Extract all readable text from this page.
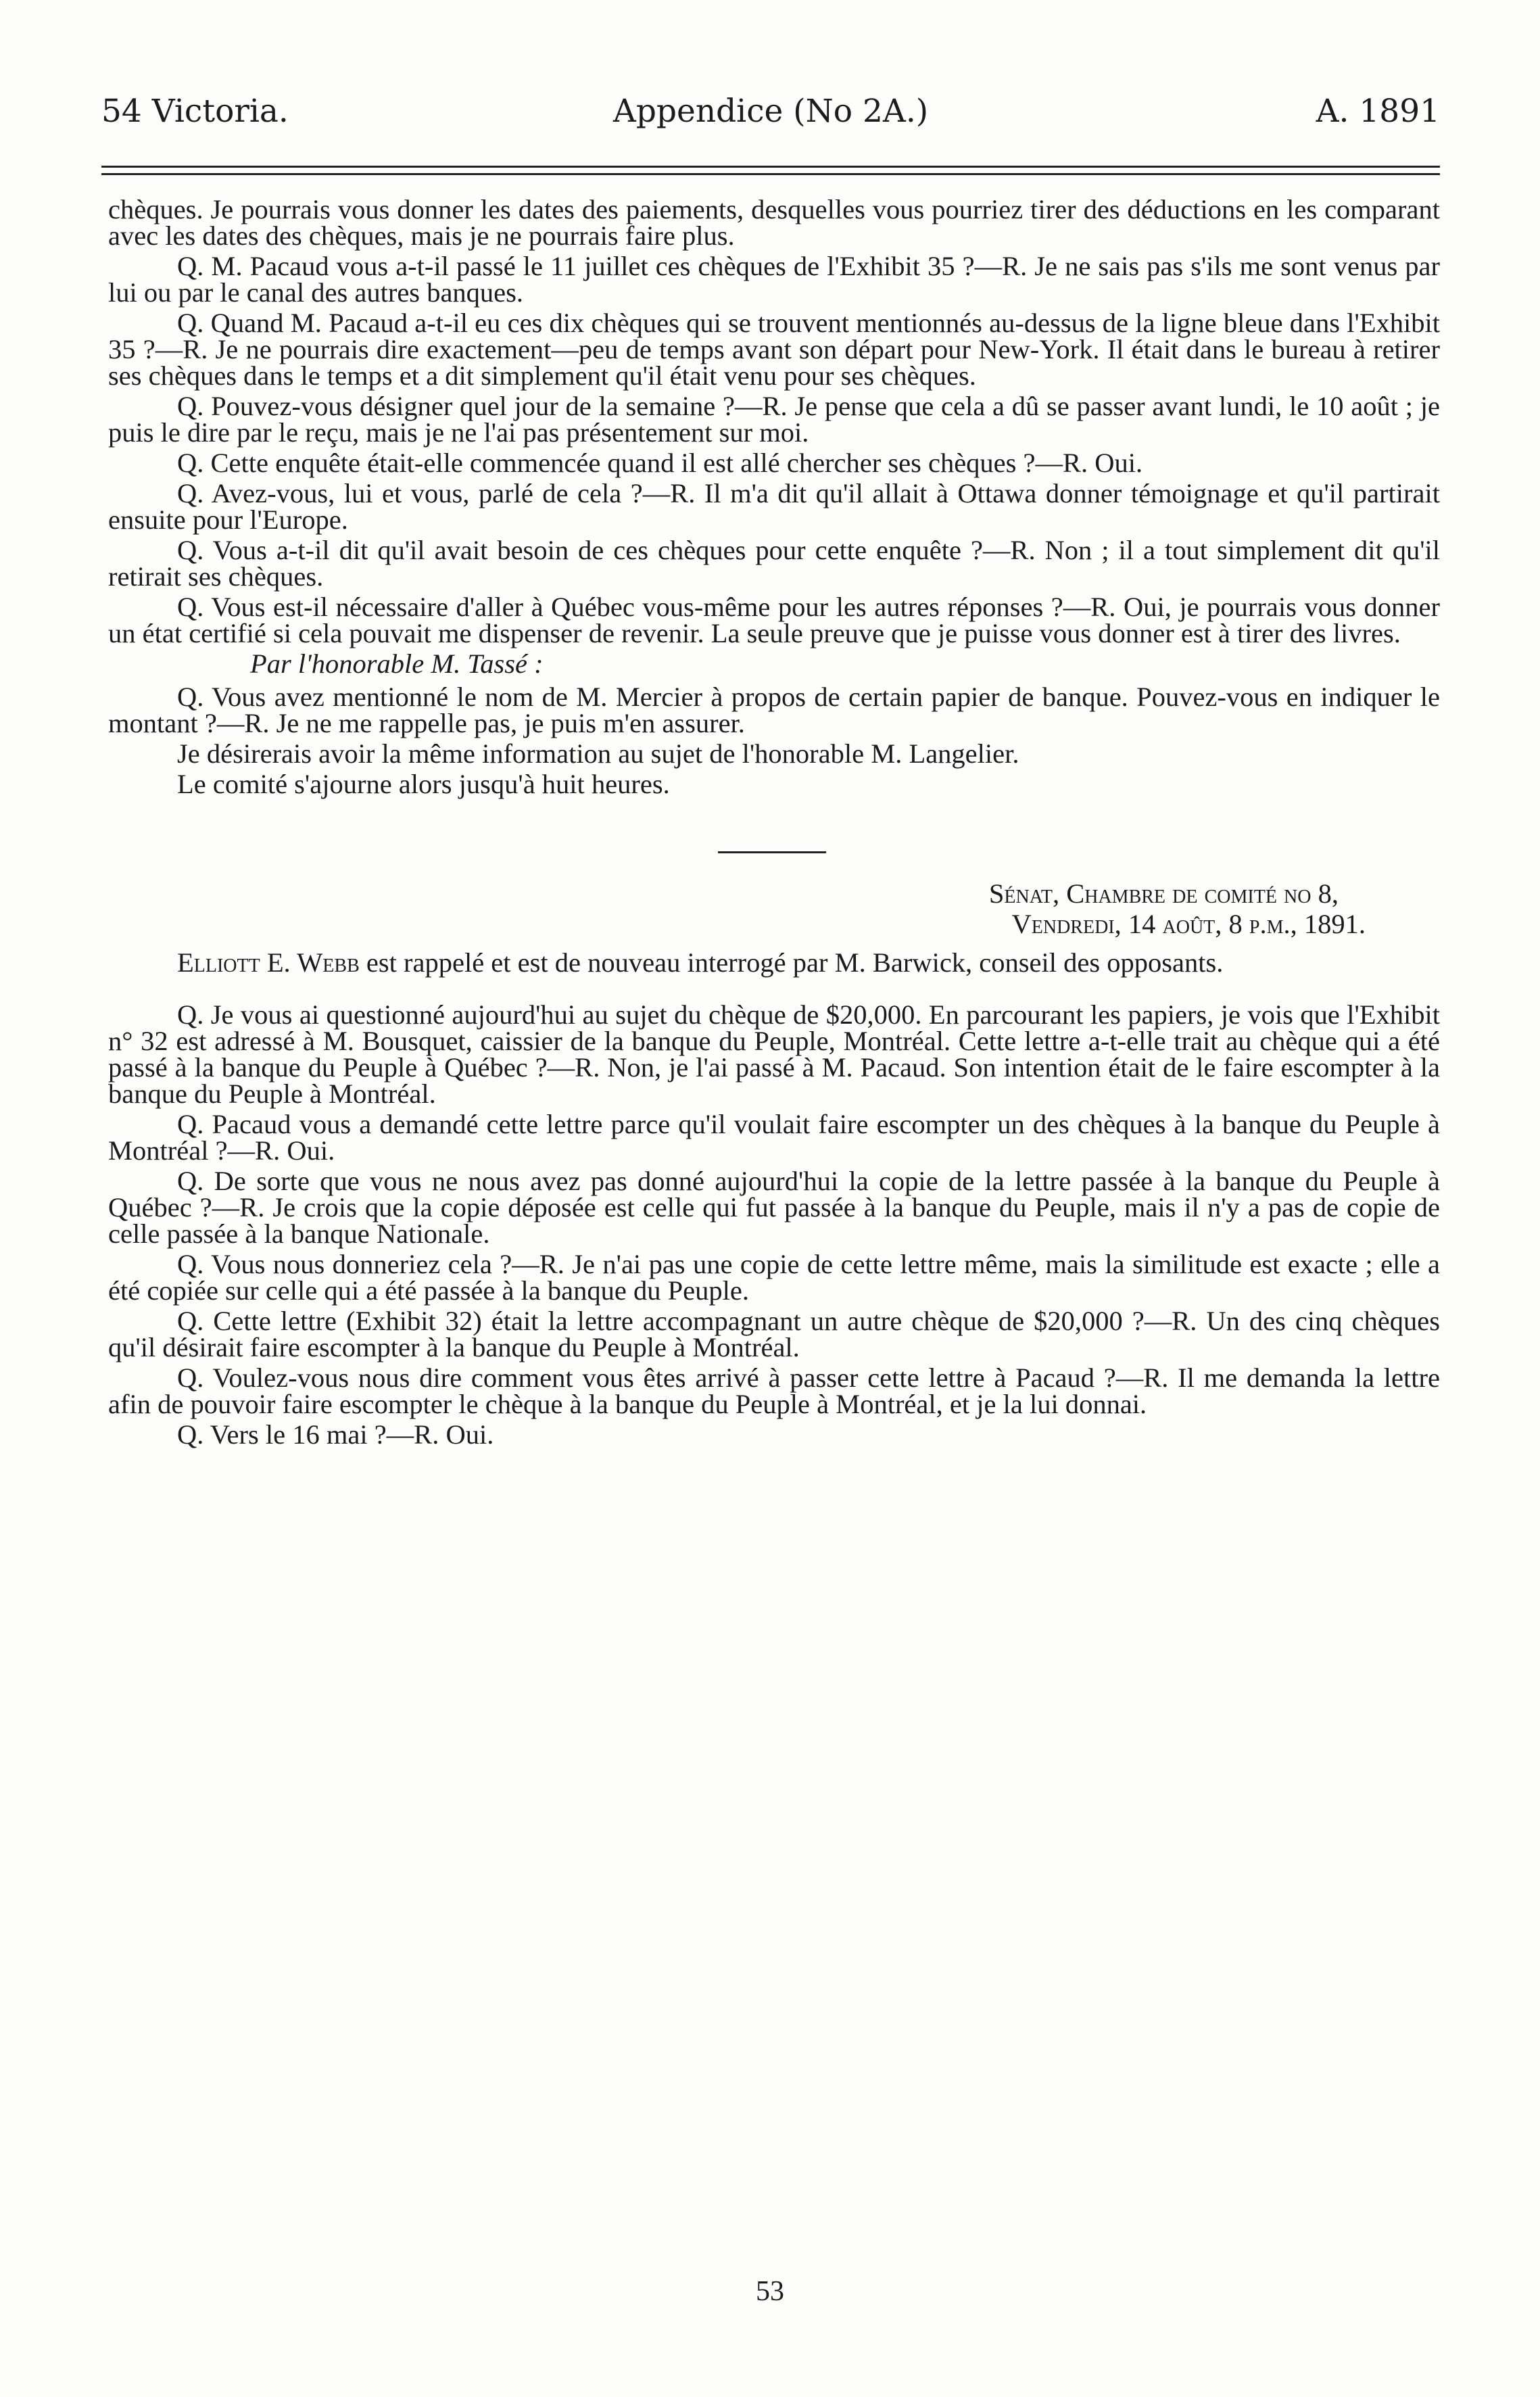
54 Victoria.	Appendice (No 2A.)	A. 1891

chèques. Je pourrais vous donner les dates des paiements, desquelles vous pourriez tirer des déductions en les comparant avec les dates des chèques, mais je ne pourrais faire plus.

Q. M. Pacaud vous a-t-il passé le 11 juillet ces chèques de l'Exhibit 35 ?—R. Je ne sais pas s'ils me sont venus par lui ou par le canal des autres banques.

Q. Quand M. Pacaud a-t-il eu ces dix chèques qui se trouvent mentionnés au-dessus de la ligne bleue dans l'Exhibit 35 ?—R. Je ne pourrais dire exactement—peu de temps avant son départ pour New-York. Il était dans le bureau à retirer ses chèques dans le temps et a dit simplement qu'il était venu pour ses chèques.

Q. Pouvez-vous désigner quel jour de la semaine ?—R. Je pense que cela a dû se passer avant lundi, le 10 août ; je puis le dire par le reçu, mais je ne l'ai pas présentement sur moi.

Q. Cette enquête était-elle commencée quand il est allé chercher ses chèques ?—R. Oui.

Q. Avez-vous, lui et vous, parlé de cela ?—R. Il m'a dit qu'il allait à Ottawa donner témoignage et qu'il partirait ensuite pour l'Europe.

Q. Vous a-t-il dit qu'il avait besoin de ces chèques pour cette enquête ?—R. Non ; il a tout simplement dit qu'il retirait ses chèques.

Q. Vous est-il nécessaire d'aller à Québec vous-même pour les autres réponses ?—R. Oui, je pourrais vous donner un état certifié si cela pouvait me dispenser de revenir. La seule preuve que je puisse vous donner est à tirer des livres.

Par l'honorable M. Tassé :

Q. Vous avez mentionné le nom de M. Mercier à propos de certain papier de banque. Pouvez-vous en indiquer le montant ?—R. Je ne me rappelle pas, je puis m'en assurer.

Je désirerais avoir la même information au sujet de l'honorable M. Langelier.

Le comité s'ajourne alors jusqu'à huit heures.

Sénat, Chambre de comité no 8,

Vendredi, 14 août, 8 p.m., 1891.

Elliott E. Webb est rappelé et est de nouveau interrogé par M. Barwick, conseil des opposants.

Q. Je vous ai questionné aujourd'hui au sujet du chèque de $20,000. En parcourant les papiers, je vois que l'Exhibit n° 32 est adressé à M. Bousquet, caissier de la banque du Peuple, Montréal. Cette lettre a-t-elle trait au chèque qui a été passé à la banque du Peuple à Québec ?—R. Non, je l'ai passé à M. Pacaud. Son intention était de le faire escompter à la banque du Peuple à Montréal.

Q. Pacaud vous a demandé cette lettre parce qu'il voulait faire escompter un des chèques à la banque du Peuple à Montréal ?—R. Oui.

Q. De sorte que vous ne nous avez pas donné aujourd'hui la copie de la lettre passée à la banque du Peuple à Québec ?—R. Je crois que la copie déposée est celle qui fut passée à la banque du Peuple, mais il n'y a pas de copie de celle passée à la banque Nationale.

Q. Vous nous donneriez cela ?—R. Je n'ai pas une copie de cette lettre même, mais la similitude est exacte ; elle a été copiée sur celle qui a été passée à la banque du Peuple.

Q. Cette lettre (Exhibit 32) était la lettre accompagnant un autre chèque de $20,000 ?—R. Un des cinq chèques qu'il désirait faire escompter à la banque du Peuple à Montréal.

Q. Voulez-vous nous dire comment vous êtes arrivé à passer cette lettre à Pacaud ?—R. Il me demanda la lettre afin de pouvoir faire escompter le chèque à la banque du Peuple à Montréal, et je la lui donnai.

Q. Vers le 16 mai ?—R. Oui.

53
